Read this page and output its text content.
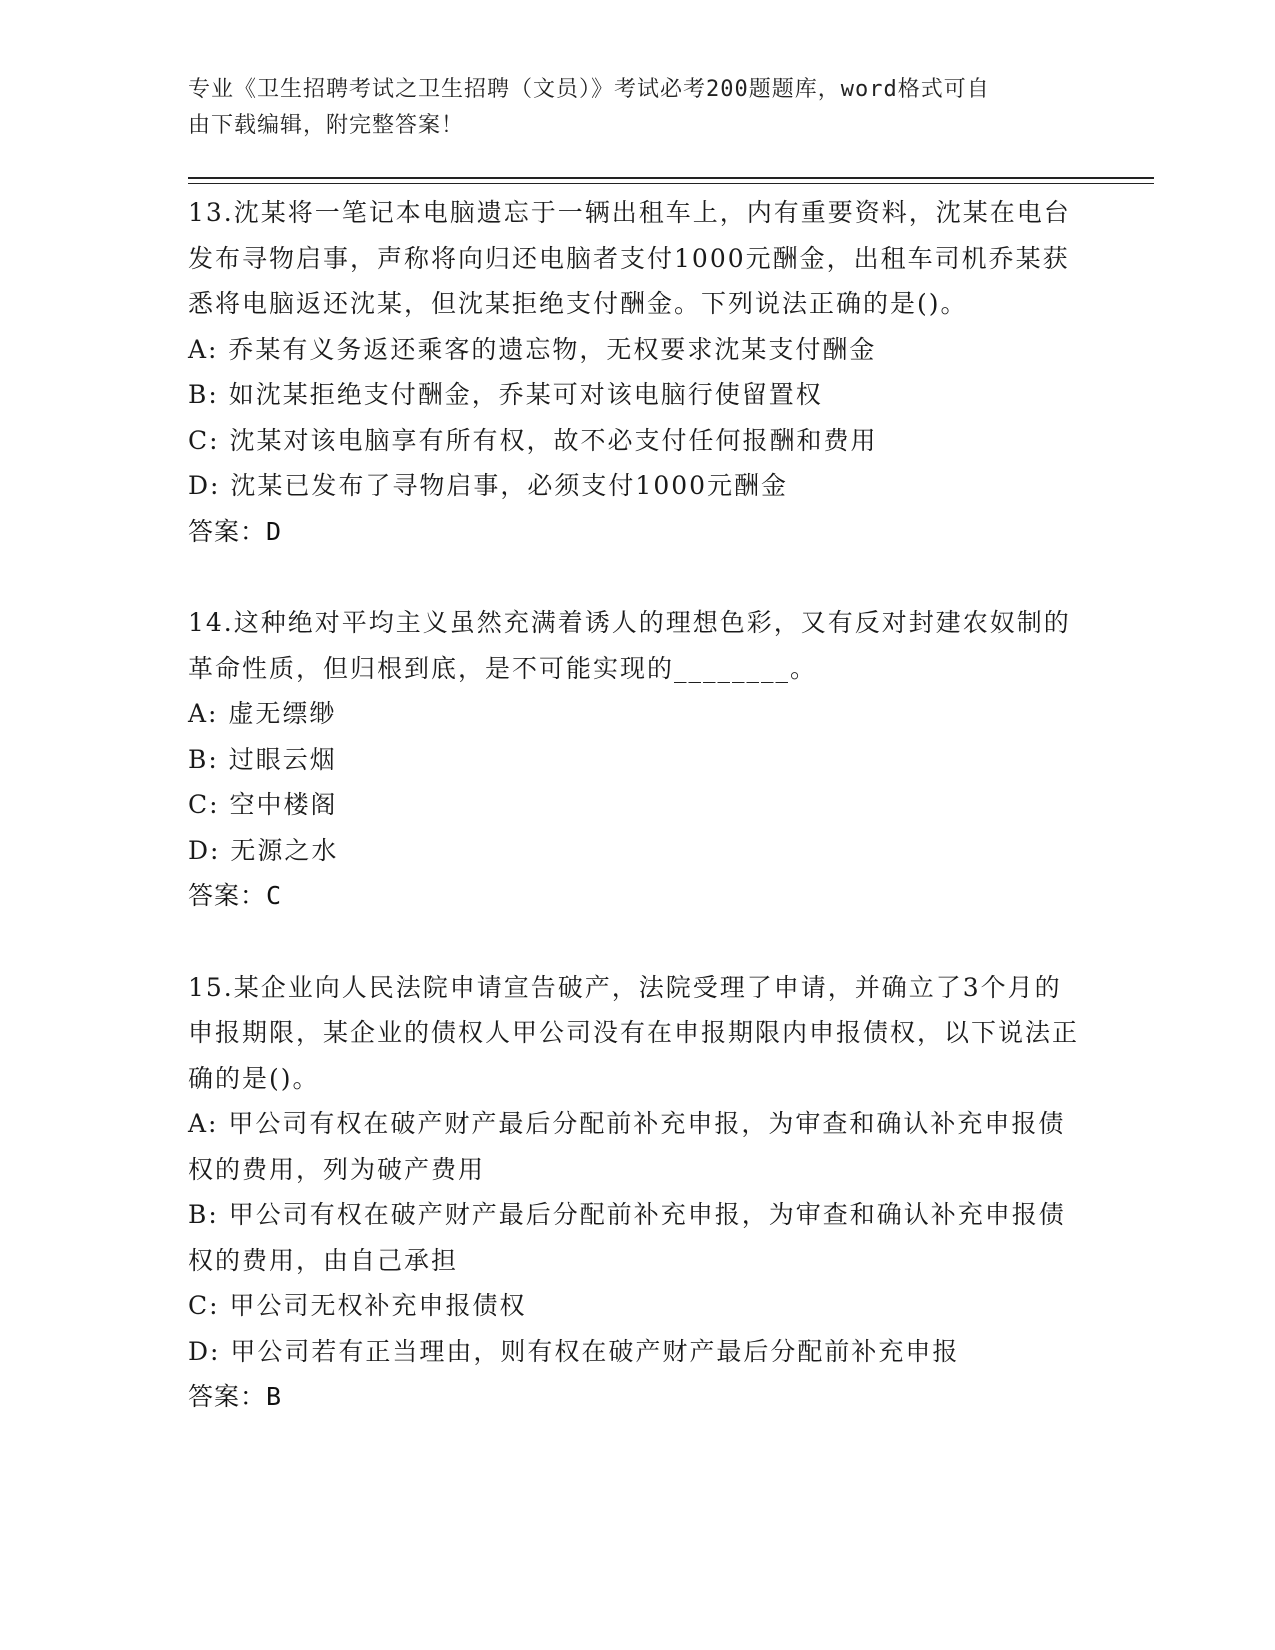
专业《卫生招聘考试之卫生招聘（文员）》考试必考200题题库，word格式可自
由下载编辑，附完整答案！

13.沈某将一笔记本电脑遗忘于一辆出租车上，内有重要资料，沈某在电台发布寻物启事，声称将向归还电脑者支付1000元酬金，出租车司机乔某获悉将电脑返还沈某，但沈某拒绝支付酬金。下列说法正确的是()。

A: 乔某有义务返还乘客的遗忘物，无权要求沈某支付酬金

B: 如沈某拒绝支付酬金，乔某可对该电脑行使留置权

C: 沈某对该电脑享有所有权，故不必支付任何报酬和费用

D: 沈某已发布了寻物启事，必须支付1000元酬金

答案：D

14.这种绝对平均主义虽然充满着诱人的理想色彩，又有反对封建农奴制的革命性质，但归根到底，是不可能实现的________。

A: 虚无缥缈

B: 过眼云烟

C: 空中楼阁

D: 无源之水

答案：C

15.某企业向人民法院申请宣告破产，法院受理了申请，并确立了3个月的申报期限，某企业的债权人甲公司没有在申报期限内申报债权，以下说法正确的是()。

A: 甲公司有权在破产财产最后分配前补充申报，为审查和确认补充申报债权的费用，列为破产费用

B: 甲公司有权在破产财产最后分配前补充申报，为审查和确认补充申报债权的费用，由自己承担

C: 甲公司无权补充申报债权

D: 甲公司若有正当理由，则有权在破产财产最后分配前补充申报

答案：B
